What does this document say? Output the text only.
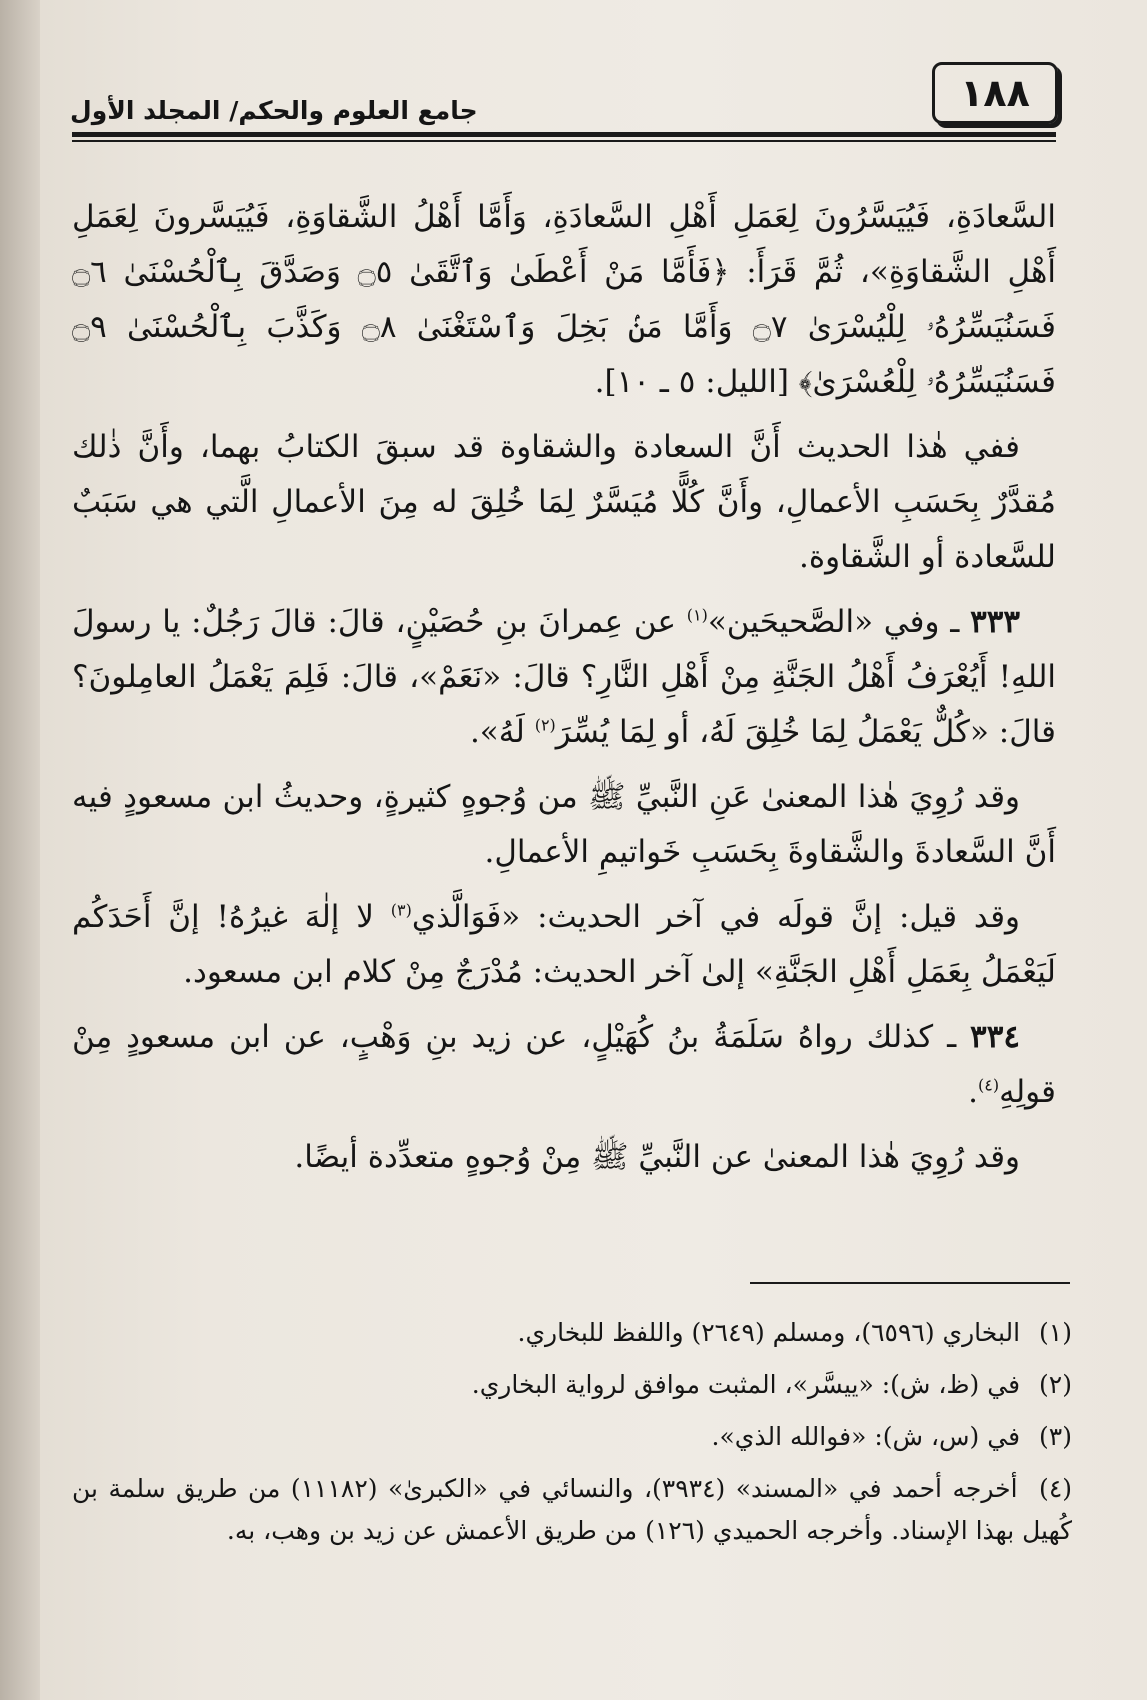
١٨٨
جامع العلوم والحكم/ المجلد الأول

السَّعادَةِ، فَيُيَسَّرُونَ لِعَمَلِ أَهْلِ السَّعادَةِ، وَأَمَّا أَهْلُ الشَّقاوَةِ، فَيُيَسَّرونَ لِعَمَلِ أَهْلِ الشَّقاوَةِ»، ثُمَّ قَرَأَ: ﴿فَأَمَّا مَنْ أَعْطَىٰ وَٱتَّقَىٰ ۝٥ وَصَدَّقَ بِٱلْحُسْنَىٰ ۝٦ فَسَنُيَسِّرُهُۥ لِلْيُسْرَىٰ ۝٧ وَأَمَّا مَنۢ بَخِلَ وَٱسْتَغْنَىٰ ۝٨ وَكَذَّبَ بِٱلْحُسْنَىٰ ۝٩ فَسَنُيَسِّرُهُۥ لِلْعُسْرَىٰ﴾ [الليل: ٥ ـ ١٠].

ففي هٰذا الحديث أَنَّ السعادة والشقاوة قد سبقَ الكتابُ بهما، وأَنَّ ذٰلك مُقدَّرٌ بِحَسَبِ الأعمالِ، وأَنَّ كُلًّا مُيَسَّرٌ لِمَا خُلِقَ له مِنَ الأعمالِ الَّتي هي سَبَبٌ للسَّعادة أو الشَّقاوة.

٣٣٣ ـ وفي «الصَّحيحَين»$^{(١)}$ عن عِمرانَ بنِ حُصَيْنٍ، قالَ: قالَ رَجُلٌ: يا رسولَ اللهِ! أَيُعْرَفُ أَهْلُ الجَنَّةِ مِنْ أَهْلِ النَّارِ؟ قالَ: «نَعَمْ»، قالَ: فَلِمَ يَعْمَلُ العامِلونَ؟ قالَ: «كُلٌّ يَعْمَلُ لِمَا خُلِقَ لَهُ، أو لِمَا يُسِّرَ$^{(٢)}$ لَهُ».

وقد رُوِيَ هٰذا المعنىٰ عَنِ النَّبيِّ ﷺ من وُجوهٍ كثيرةٍ، وحديثُ ابن مسعودٍ فيه أَنَّ السَّعادةَ والشَّقاوةَ بِحَسَبِ خَواتيمِ الأعمالِ.

وقد قيل: إنَّ قولَه في آخر الحديث: «فَوَالَّذي$^{(٣)}$ لا إلٰهَ غيرُهُ! إنَّ أَحَدَكُم لَيَعْمَلُ بِعَمَلِ أَهْلِ الجَنَّةِ» إلىٰ آخر الحديث: مُدْرَجٌ مِنْ كلام ابن مسعود.

٣٣٤ ـ كذلك رواهُ سَلَمَةُ بنُ كُهَيْلٍ، عن زيد بنِ وَهْبٍ، عن ابن مسعودٍ مِنْ قولِهِ$^{(٤)}$.

وقد رُوِيَ هٰذا المعنىٰ عن النَّبيِّ ﷺ مِنْ وُجوهٍ متعدِّدة أيضًا.

(١) البخاري (٦٥٩٦)، ومسلم (٢٦٤٩) واللفظ للبخاري.

(٢) في (ظ، ش): «ييسَّر»، المثبت موافق لرواية البخاري.

(٣) في (س، ش): «فوالله الذي».

(٤) أخرجه أحمد في «المسند» (٣٩٣٤)، والنسائي في «الكبرىٰ» (١١١٨٢) من طريق سلمة بن كُهيل بهذا الإسناد. وأخرجه الحميدي (١٢٦) من طريق الأعمش عن زيد بن وهب، به.
